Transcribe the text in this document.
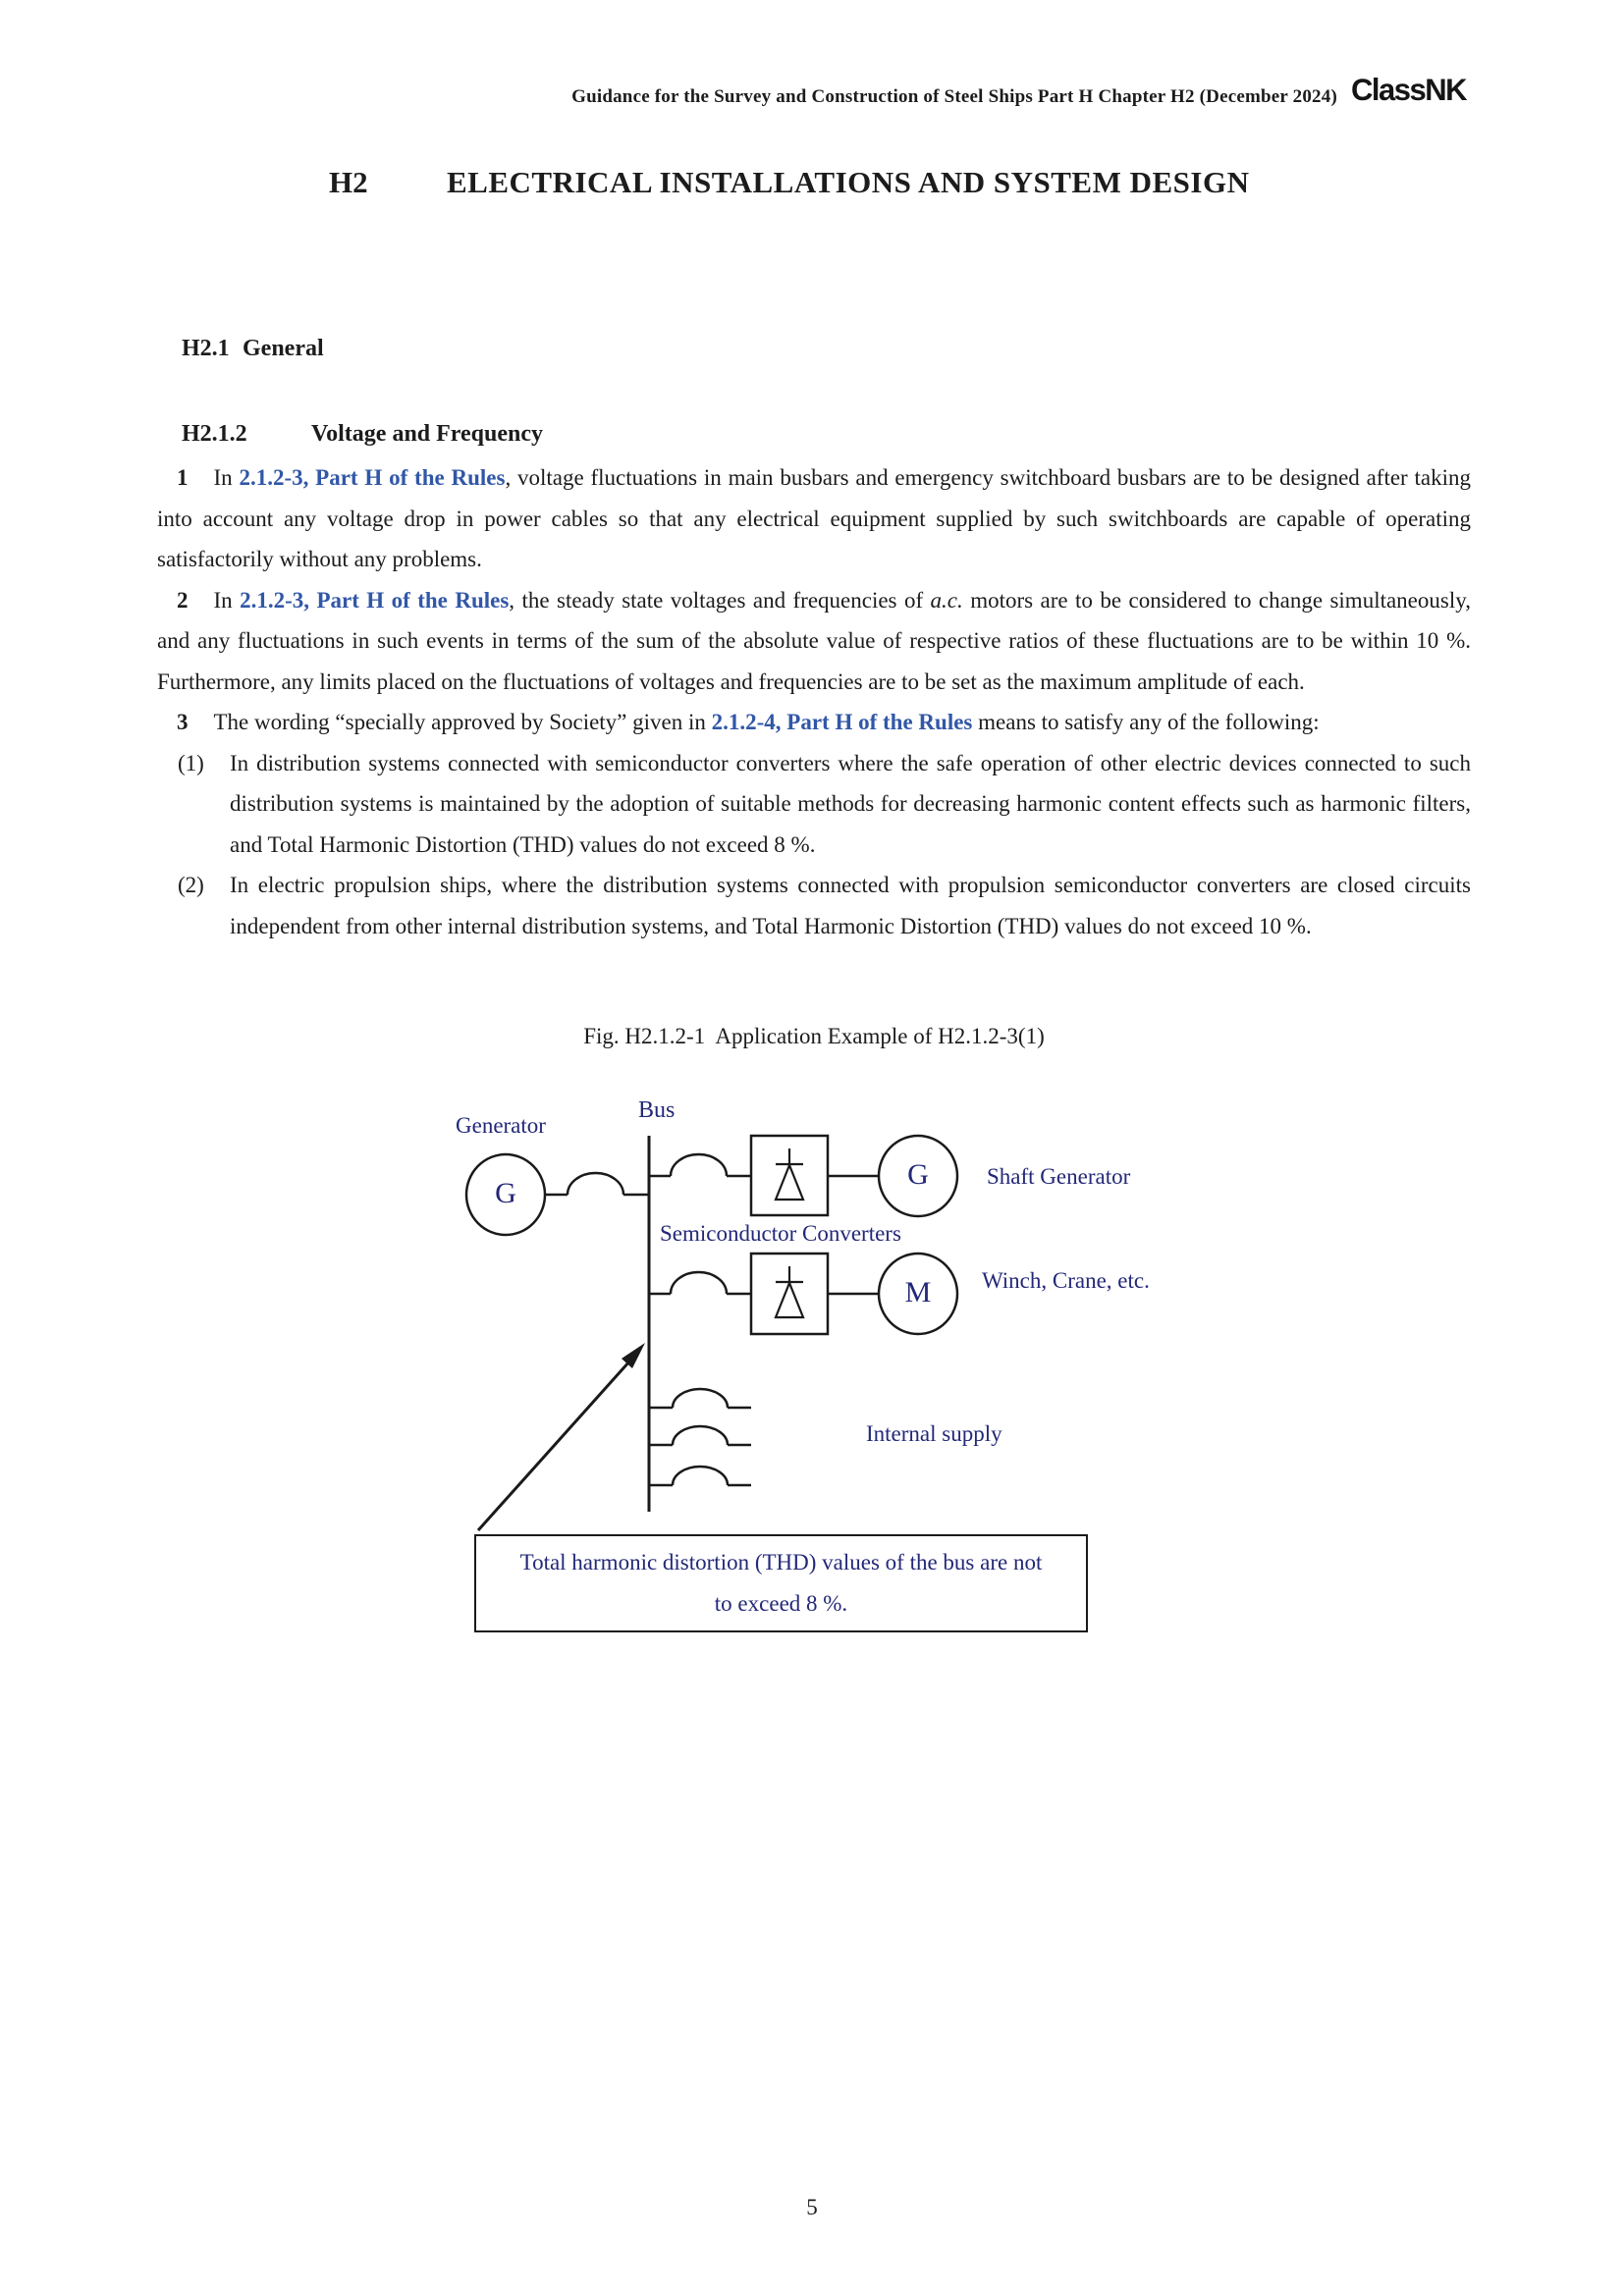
Guidance for the Survey and Construction of Steel Ships Part H Chapter H2 (December 2024) ClassNK
H2	ELECTRICAL INSTALLATIONS AND SYSTEM DESIGN
H2.1 General
H2.1.2	Voltage and Frequency

1 In 2.1.2-3, Part H of the Rules, voltage fluctuations in main busbars and emergency switchboard busbars are to be designed after taking into account any voltage drop in power cables so that any electrical equipment supplied by such switchboards are capable of operating satisfactorily without any problems.

2 In 2.1.2-3, Part H of the Rules, the steady state voltages and frequencies of a.c. motors are to be considered to change simultaneously, and any fluctuations in such events in terms of the sum of the absolute value of respective ratios of these fluctuations are to be within 10 %. Furthermore, any limits placed on the fluctuations of voltages and frequencies are to be set as the maximum amplitude of each.

3 The wording “specially approved by Society” given in 2.1.2-4, Part H of the Rules means to satisfy any of the following:

(1) In distribution systems connected with semiconductor converters where the safe operation of other electric devices connected to such distribution systems is maintained by the adoption of suitable methods for decreasing harmonic content effects such as harmonic filters, and Total Harmonic Distortion (THD) values do not exceed 8 %.

(2) In electric propulsion ships, where the distribution systems connected with propulsion semiconductor converters are closed circuits independent from other internal distribution systems, and Total Harmonic Distortion (THD) values do not exceed 10 %.

Fig. H2.1.2-1  Application Example of H2.1.2-3(1)
Bus
Generator
G
G	Shaft Generator
Semiconductor Converters
M	Winch, Crane, etc.
Internal supply
Total harmonic distortion (THD) values of the bus are not
to exceed 8 %.
5
